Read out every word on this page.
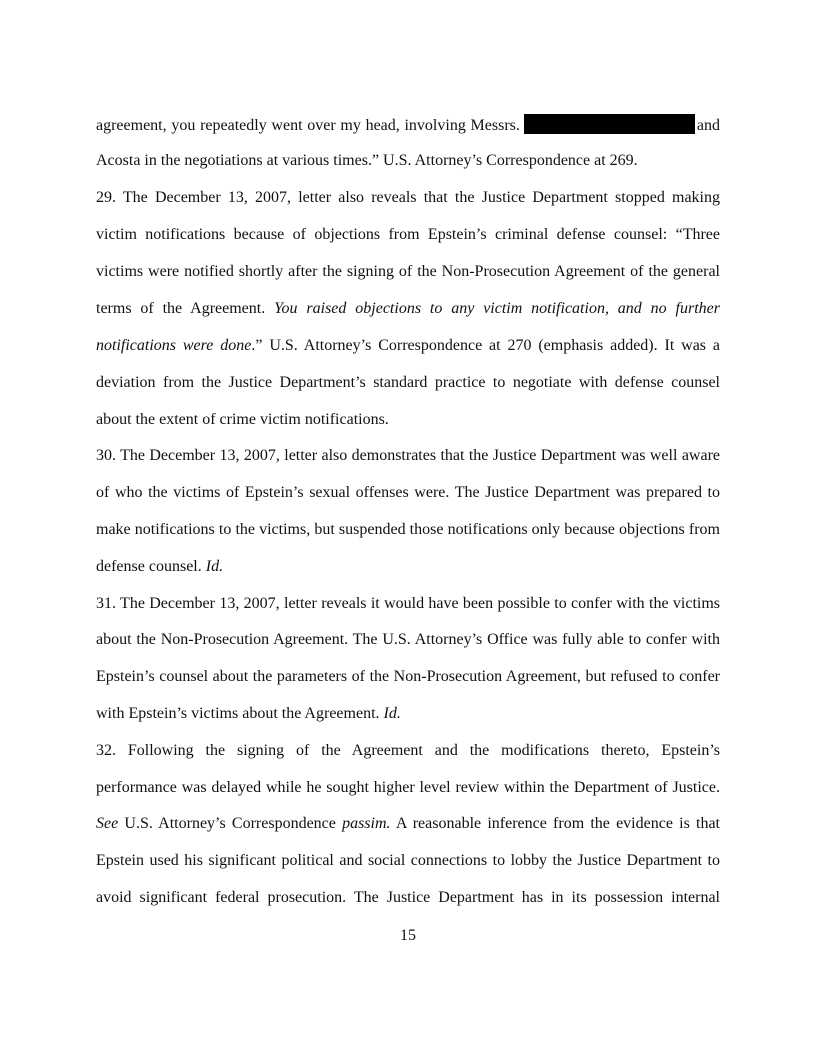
agreement, you repeatedly went over my head, involving Messrs.	and
Acosta in the negotiations at various times.” U.S. Attorney’s Correspondence at 269.
29. The December 13, 2007, letter also reveals that the Justice Department stopped making
victim notifications because of objections from Epstein’s criminal defense counsel: “Three
victims were notified shortly after the signing of the Non-Prosecution Agreement of the general
terms of the Agreement. You raised objections to any victim notification, and no further
notifications were done.” U.S. Attorney’s Correspondence at 270 (emphasis added). It was a
deviation from the Justice Department’s standard practice to negotiate with defense counsel
about the extent of crime victim notifications.
30. The December 13, 2007, letter also demonstrates that the Justice Department was well aware
of who the victims of Epstein’s sexual offenses were. The Justice Department was prepared to
make notifications to the victims, but suspended those notifications only because objections from
defense counsel. Id.
31. The December 13, 2007, letter reveals it would have been possible to confer with the victims
about the Non-Prosecution Agreement. The U.S. Attorney’s Office was fully able to confer with
Epstein’s counsel about the parameters of the Non-Prosecution Agreement, but refused to confer
with Epstein’s victims about the Agreement. Id.
32. Following the signing of the Agreement and the modifications thereto, Epstein’s
performance was delayed while he sought higher level review within the Department of Justice.
See U.S. Attorney’s Correspondence passim. A reasonable inference from the evidence is that
Epstein used his significant political and social connections to lobby the Justice Department to
avoid significant federal prosecution. The Justice Department has in its possession internal
15
